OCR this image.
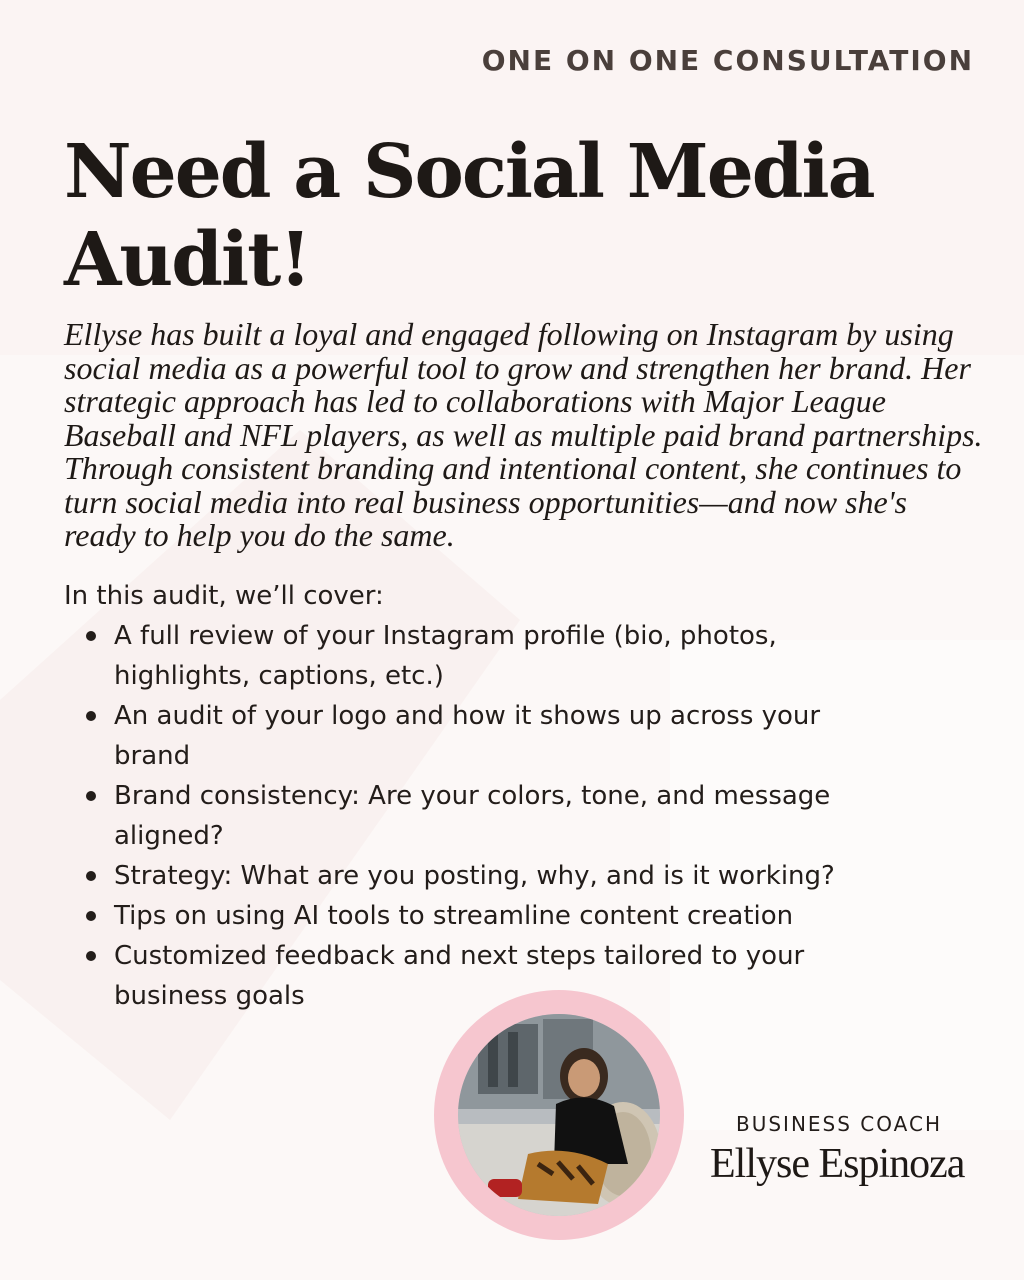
ONE ON ONE CONSULTATION
Need a Social Media Audit!

Ellyse has built a loyal and engaged following on Instagram by using social media as a powerful tool to grow and strengthen her brand. Her strategic approach has led to collaborations with Major League Baseball and NFL players, as well as multiple paid brand partnerships. Through consistent branding and intentional content, she continues to turn social media into real business opportunities—and now she's ready to help you do the same.

In this audit, we’ll cover:

A full review of your Instagram profile (bio, photos, highlights, captions, etc.)
An audit of your logo and how it shows up across your brand
Brand consistency: Are your colors, tone, and message aligned?
Strategy: What are you posting, why, and is it working?
Tips on using AI tools to streamline content creation
Customized feedback and next steps tailored to your business goals
BUSINESS COACH
Ellyse Espinoza
